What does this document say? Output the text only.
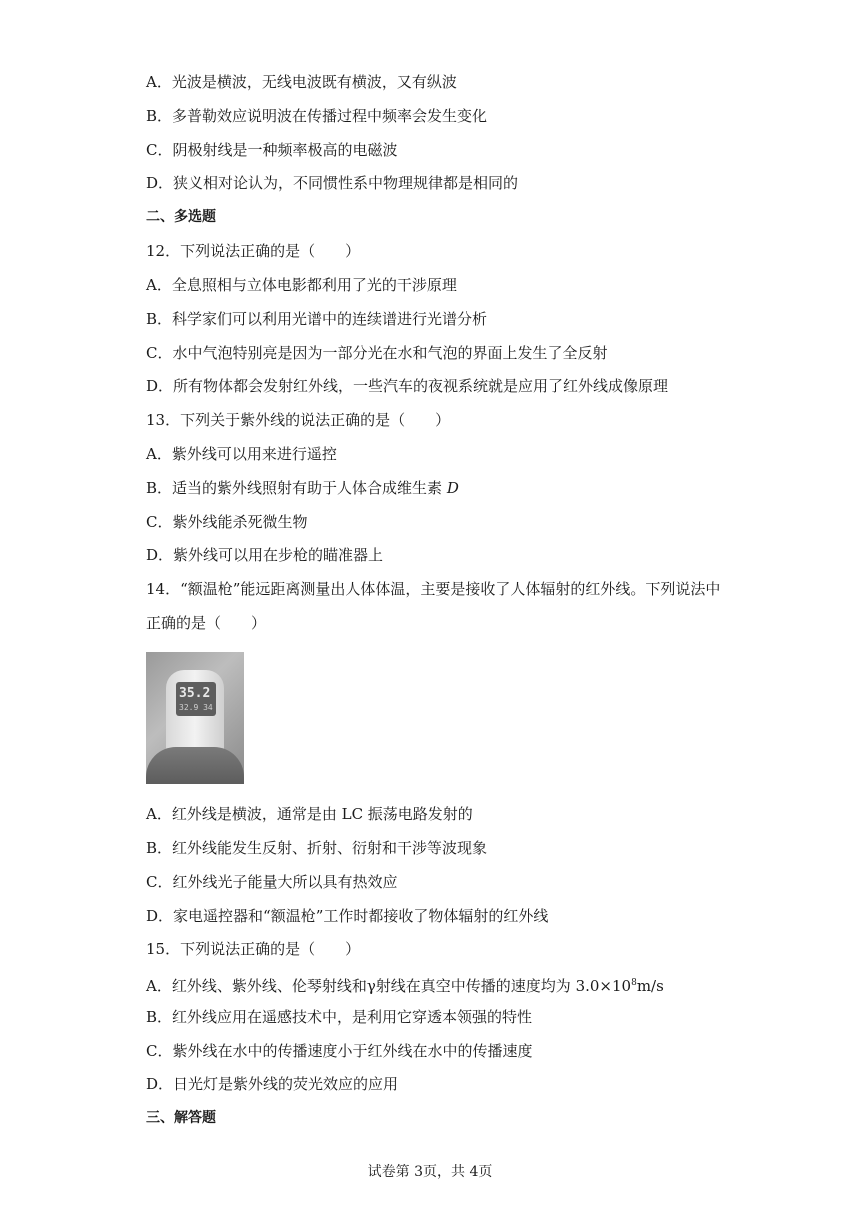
A．光波是横波，无线电波既有横波，又有纵波
B．多普勒效应说明波在传播过程中频率会发生变化
C．阴极射线是一种频率极高的电磁波
D．狭义相对论认为，不同惯性系中物理规律都是相同的
二、多选题
12．下列说法正确的是（　　）
A．全息照相与立体电影都利用了光的干涉原理
B．科学家们可以利用光谱中的连续谱进行光谱分析
C．水中气泡特别亮是因为一部分光在水和气泡的界面上发生了全反射
D．所有物体都会发射红外线，一些汽车的夜视系统就是应用了红外线成像原理
13．下列关于紫外线的说法正确的是（　　）
A．紫外线可以用来进行遥控
B．适当的紫外线照射有助于人体合成维生素 D
C．紫外线能杀死微生物
D．紫外线可以用在步枪的瞄准器上
14．“额温枪”能远距离测量出人体体温，主要是接收了人体辐射的红外线。下列说法中
正确的是（　　）
35.2
32.9 34
A．红外线是横波，通常是由 LC 振荡电路发射的
B．红外线能发生反射、折射、衍射和干涉等波现象
C．红外线光子能量大所以具有热效应
D．家电遥控器和“额温枪”工作时都接收了物体辐射的红外线
15．下列说法正确的是（　　）
A．红外线、紫外线、伦琴射线和γ射线在真空中传播的速度均为 $3.0\times 10^8m/s$
B．红外线应用在遥感技术中，是利用它穿透本领强的特性
C．紫外线在水中的传播速度小于红外线在水中的传播速度
D．日光灯是紫外线的荧光效应的应用
三、解答题
试卷第 3页，共 4页
